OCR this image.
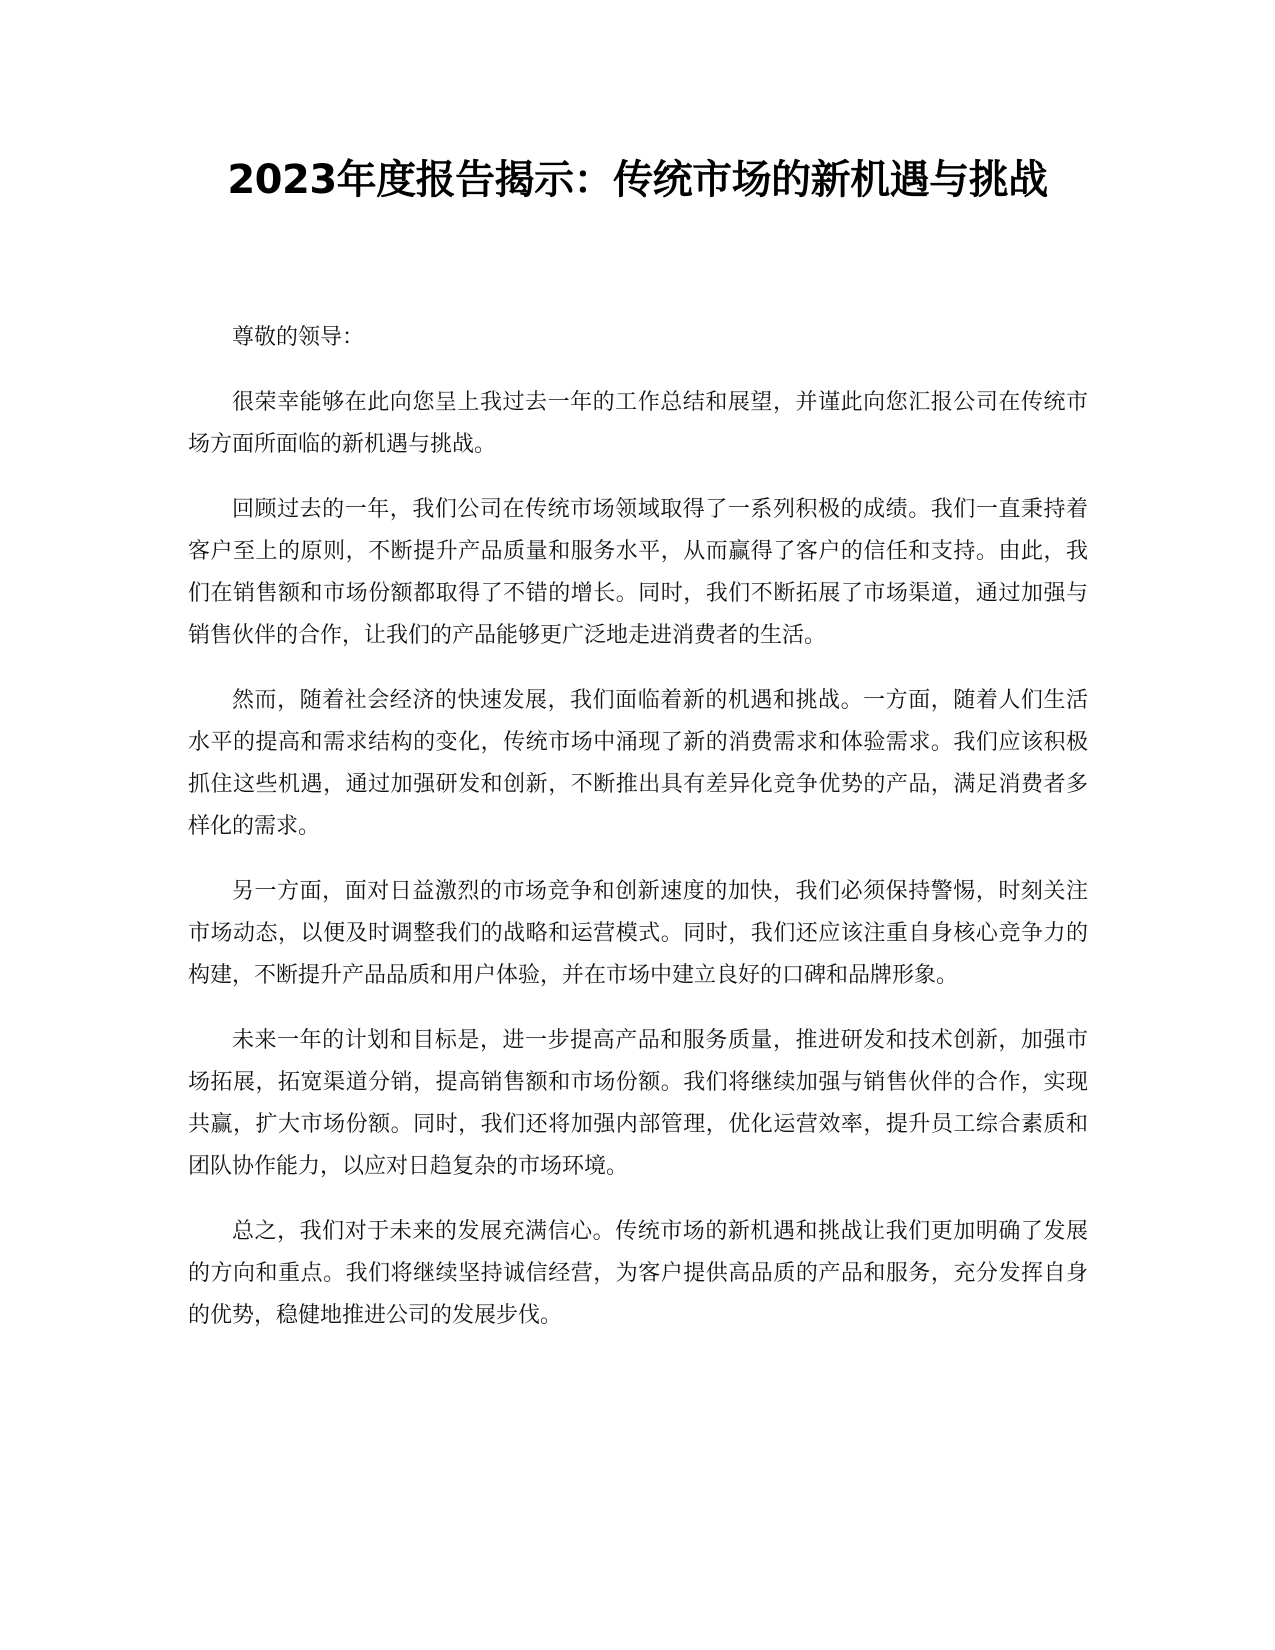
2023年度报告揭示：传统市场的新机遇与挑战

尊敬的领导：

很荣幸能够在此向您呈上我过去一年的工作总结和展望，并谨此向您汇报公司在传统市场方面所面临的新机遇与挑战。

回顾过去的一年，我们公司在传统市场领域取得了一系列积极的成绩。我们一直秉持着客户至上的原则，不断提升产品质量和服务水平，从而赢得了客户的信任和支持。由此，我们在销售额和市场份额都取得了不错的增长。同时，我们不断拓展了市场渠道，通过加强与销售伙伴的合作，让我们的产品能够更广泛地走进消费者的生活。

然而，随着社会经济的快速发展，我们面临着新的机遇和挑战。一方面，随着人们生活水平的提高和需求结构的变化，传统市场中涌现了新的消费需求和体验需求。我们应该积极抓住这些机遇，通过加强研发和创新，不断推出具有差异化竞争优势的产品，满足消费者多样化的需求。

另一方面，面对日益激烈的市场竞争和创新速度的加快，我们必须保持警惕，时刻关注市场动态，以便及时调整我们的战略和运营模式。同时，我们还应该注重自身核心竞争力的构建，不断提升产品品质和用户体验，并在市场中建立良好的口碑和品牌形象。

未来一年的计划和目标是，进一步提高产品和服务质量，推进研发和技术创新，加强市场拓展，拓宽渠道分销，提高销售额和市场份额。我们将继续加强与销售伙伴的合作，实现共赢，扩大市场份额。同时，我们还将加强内部管理，优化运营效率，提升员工综合素质和团队协作能力，以应对日趋复杂的市场环境。

总之，我们对于未来的发展充满信心。传统市场的新机遇和挑战让我们更加明确了发展的方向和重点。我们将继续坚持诚信经营，为客户提供高品质的产品和服务，充分发挥自身的优势，稳健地推进公司的发展步伐。
